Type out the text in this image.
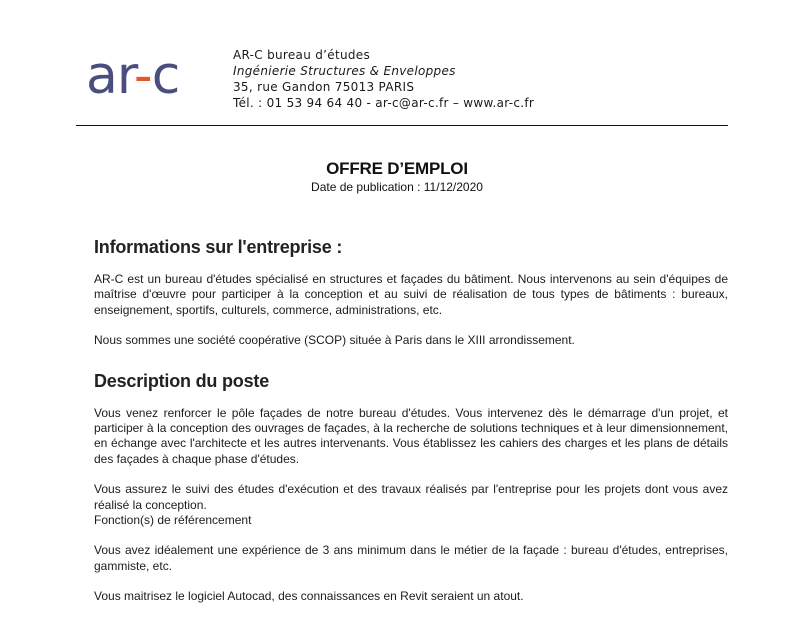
ar-c	AR-C bureau d’études
Ingénierie Structures & Enveloppes
35, rue Gandon 75013 PARIS
Tél. : 01 53 94 64 40 - ar-c@ar-c.fr – www.ar-c.fr
OFFRE D’EMPLOI
Date de publication : 11/12/2020
Informations sur l'entreprise :

AR-C est un bureau d'études spécialisé en structures et façades du bâtiment. Nous intervenons au sein d'équipes de maîtrise d'œuvre pour participer à la conception et au suivi de réalisation de tous types de bâtiments : bureaux, enseignement, sportifs, culturels, commerce, administrations, etc.

Nous sommes une société coopérative (SCOP) située à Paris dans le XIII arrondissement.

Description du poste

Vous venez renforcer le pôle façades de notre bureau d'études. Vous intervenez dès le démarrage d'un projet, et participer à la conception des ouvrages de façades, à la recherche de solutions techniques et à leur dimensionnement, en échange avec l'architecte et les autres intervenants. Vous établissez les cahiers des charges et les plans de détails des façades à chaque phase d'études.

Vous assurez le suivi des études d'exécution et des travaux réalisés par l'entreprise pour les projets dont vous avez réalisé la conception.

Fonction(s) de référencement

Vous avez idéalement une expérience de 3 ans minimum dans le métier de la façade : bureau d'études, entreprises, gammiste, etc.

Vous maitrisez le logiciel Autocad, des connaissances en Revit seraient un atout.
